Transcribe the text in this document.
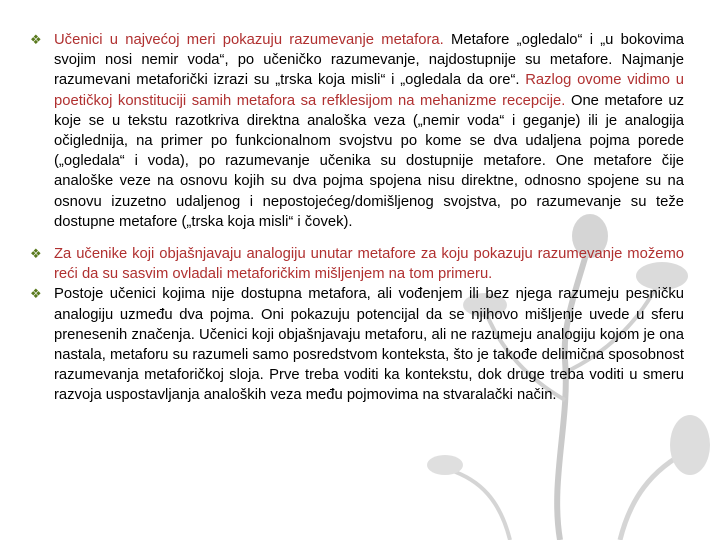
❖ Učenici u najvećoj meri pokazuju razumevanje metafora. Metafore „ogledalo“ i „u bokovima svojim nosi nemir voda“, po učeničko razumevanje, najdostupnije su metafore. Najmanje razumevani metaforički izrazi su „trska koja misli“ i „ogledala da ore“. Razlog ovome vidimo u poetičkoj konstituciji samih metafora sa refklesijom na mehanizme recepcije. One metafore uz koje se u tekstu razotkriva direktna analoška veza („nemir voda“ i geganje) ili je analogija očiglednija, na primer po funkcionalnom svojstvu po kome se dva udaljena pojma porede („ogledala“ i voda), po razumevanje učenika su dostupnije metafore. One metafore čije analoške veze na osnovu kojih su dva pojma spojena nisu direktne, odnosno spojene su na osnovu izuzetno udaljenog i nepostojećeg/domišljenog svojstva, po razumevanje su teže dostupne metafore („trska koja misli“ i čovek).
❖ Za učenike koji objašnjavaju analogiju unutar metafore za koju pokazuju razumevanje možemo reći da su sasvim ovladali metaforičkim mišljenjem na tom primeru.
❖ Postoje učenici kojima nije dostupna metafora, ali vođenjem ili bez njega razumeju pesničku analogiju uzmeđu dva pojma. Oni pokazuju potencijal da se njihovo mišljenje uvede u sferu prenesenih značenja. Učenici koji objašnjavaju metaforu, ali ne razumeju analogiju kojom je ona nastala, metaforu su razumeli samo posredstvom konteksta, što je takođe delimična sposobnost razumevanja metaforičkoj sloja. Prve treba voditi ka kontekstu, dok druge treba voditi u smeru razvoja uspostavljanja analoških veza među pojmovima na stvaralački način.
